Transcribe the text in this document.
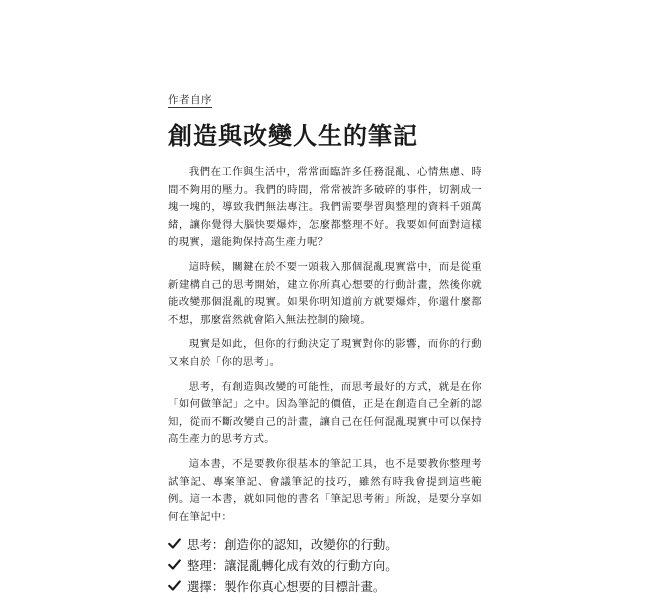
作者自序
創造與改變人生的筆記

我們在工作與生活中，常常面臨許多任務混亂、心情焦慮、時間不夠用的壓力。我們的時間，常常被許多破碎的事件，切割成一塊一塊的，導致我們無法專注。我們需要學習與整理的資料千頭萬緒，讓你覺得大腦快要爆炸，怎麼都整理不好。我要如何面對這樣的現實，還能夠保持高生產力呢？

這時候，關鍵在於不要一頭栽入那個混亂現實當中，而是從重新建構自己的思考開始，建立你所真心想要的行動計畫，然後你就能改變那個混亂的現實。如果你明知道前方就要爆炸，你還什麼都不想，那麼當然就會陷入無法控制的險境。

現實是如此，但你的行動決定了現實對你的影響，而你的行動又來自於「你的思考」。

思考，有創造與改變的可能性，而思考最好的方式，就是在你「如何做筆記」之中。因為筆記的價值，正是在創造自己全新的認知，從而不斷改變自己的計畫，讓自己在任何混亂現實中可以保持高生產力的思考方式。

這本書，不是要教你很基本的筆記工具，也不是要教你整理考試筆記、專案筆記、會議筆記的技巧，雖然有時我會提到這些範例。這一本書，就如同他的書名「筆記思考術」所說，是要分享如何在筆記中：

思考：創造你的認知，改變你的行動。
整理：讓混亂轉化成有效的行動方向。
選擇：製作你真心想要的目標計畫。
